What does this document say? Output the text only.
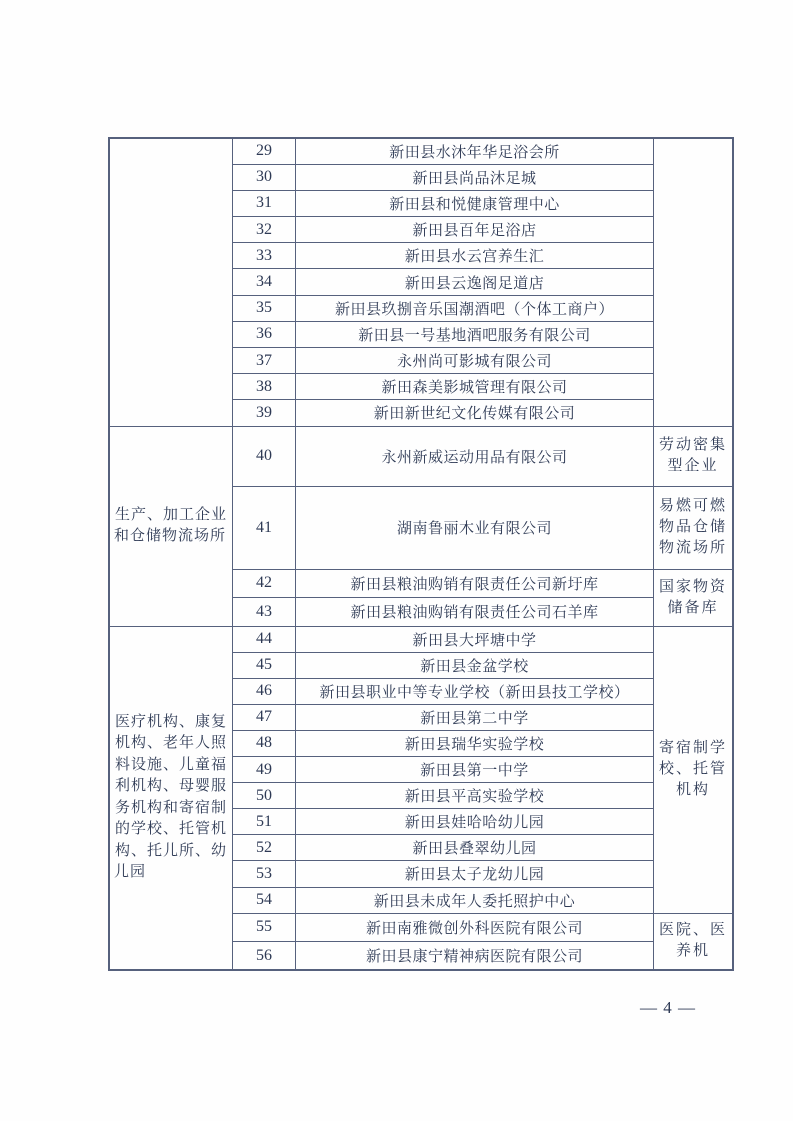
	29	新田县水沐年华足浴会所	
	30	新田县尚品沐足城	
	31	新田县和悦健康管理中心	
	32	新田县百年足浴店	
	33	新田县水云宫养生汇	
	34	新田县云逸阁足道店	
	35	新田县玖捌音乐国潮酒吧（个体工商户）	
	36	新田县一号基地酒吧服务有限公司	
	37	永州尚可影城有限公司	
	38	新田森美影城管理有限公司	
	39	新田新世纪文化传媒有限公司	
生产、加工企业和仓储物流场所	40	永州新威运动用品有限公司	劳动密集型企业
	41	湖南鲁丽木业有限公司	易燃可燃物品仓储物流场所
	42	新田县粮油购销有限责任公司新圩库	国家物资储备库
	43	新田县粮油购销有限责任公司石羊库	
医疗机构、康复机构、老年人照料设施、儿童福利机构、母婴服务机构和寄宿制的学校、托管机构、托儿所、幼儿园	44	新田县大坪塘中学	寄宿制学校、托管机构
	45	新田县金盆学校	
	46	新田县职业中等专业学校（新田县技工学校）	
	47	新田县第二中学	
	48	新田县瑞华实验学校	
	49	新田县第一中学	
	50	新田县平高实验学校	
	51	新田县娃哈哈幼儿园	
	52	新田县叠翠幼儿园	
	53	新田县太子龙幼儿园	
	54	新田县未成年人委托照护中心	
	55	新田南雅微创外科医院有限公司	医院、医养机
	56	新田县康宁精神病医院有限公司	
— 4 —
